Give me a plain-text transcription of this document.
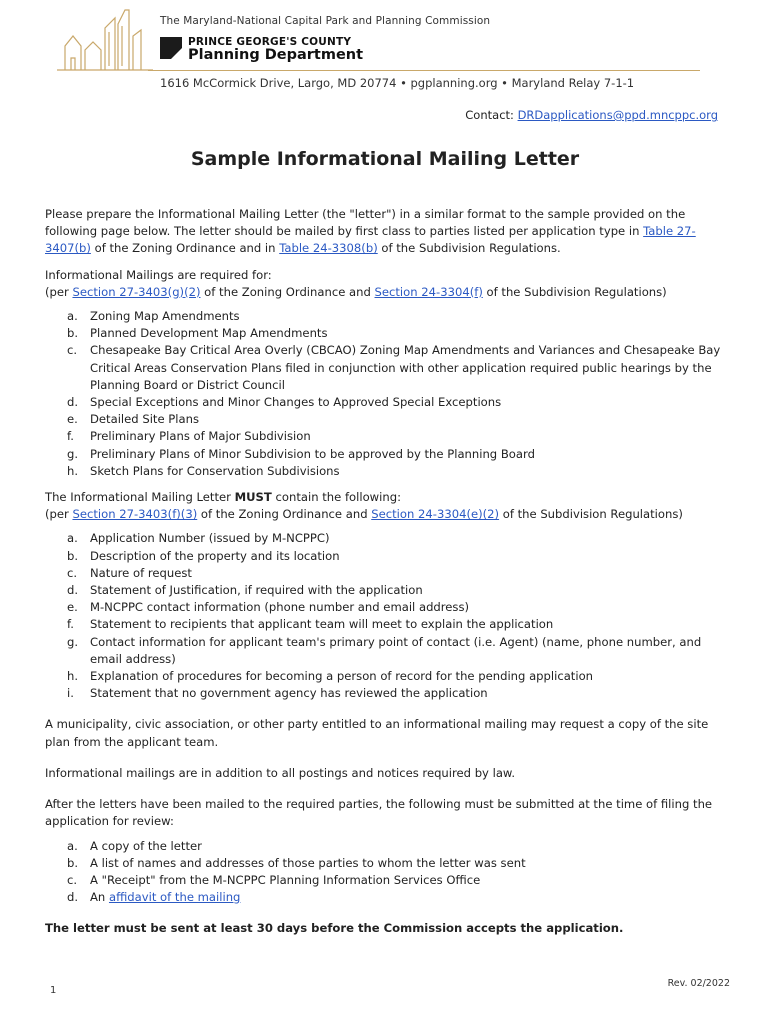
The Maryland-National Capital Park and Planning Commission
PRINCE GEORGE'S COUNTY
Planning Department
1616 McCormick Drive, Largo, MD 20774 • pgplanning.org • Maryland Relay 7-1-1
Contact: DRDapplications@ppd.mncppc.org
Sample Informational Mailing Letter

Please prepare the Informational Mailing Letter (the "letter") in a similar format to the sample provided on the following page below. The letter should be mailed by first class to parties listed per application type in Table 27-3407(b) of the Zoning Ordinance and in Table 24-3308(b) of the Subdivision Regulations.

Informational Mailings are required for:

(per Section 27-3403(g)(2) of the Zoning Ordinance and Section 24-3304(f) of the Subdivision Regulations)

a. Zoning Map Amendments
b. Planned Development Map Amendments
c. Chesapeake Bay Critical Area Overly (CBCAO) Zoning Map Amendments and Variances and Chesapeake Bay Critical Areas Conservation Plans filed in conjunction with other application required public hearings by the Planning Board or District Council
d. Special Exceptions and Minor Changes to Approved Special Exceptions
e. Detailed Site Plans
f. Preliminary Plans of Major Subdivision
g. Preliminary Plans of Minor Subdivision to be approved by the Planning Board
h. Sketch Plans for Conservation Subdivisions

The Informational Mailing Letter MUST contain the following:

(per Section 27-3403(f)(3) of the Zoning Ordinance and Section 24-3304(e)(2) of the Subdivision Regulations)

a. Application Number (issued by M-NCPPC)
b. Description of the property and its location
c. Nature of request
d. Statement of Justification, if required with the application
e. M-NCPPC contact information (phone number and email address)
f. Statement to recipients that applicant team will meet to explain the application
g. Contact information for applicant team's primary point of contact (i.e. Agent) (name, phone number, and email address)
h. Explanation of procedures for becoming a person of record for the pending application
i. Statement that no government agency has reviewed the application

A municipality, civic association, or other party entitled to an informational mailing may request a copy of the site plan from the applicant team.

Informational mailings are in addition to all postings and notices required by law.

After the letters have been mailed to the required parties, the following must be submitted at the time of filing the application for review:

a. A copy of the letter
b. A list of names and addresses of those parties to whom the letter was sent
c. A "Receipt" from the M-NCPPC Planning Information Services Office
d. An affidavit of the mailing

The letter must be sent at least 30 days before the Commission accepts the application.

Rev. 02/2022
1
